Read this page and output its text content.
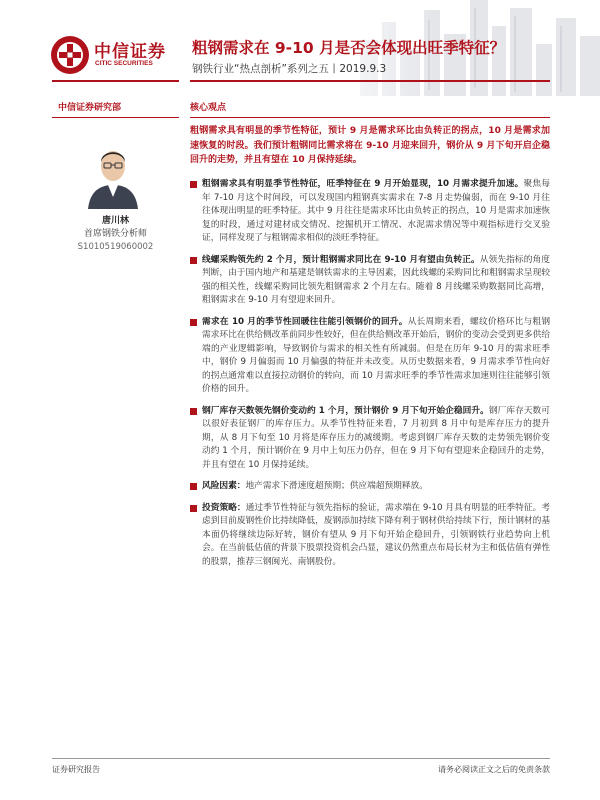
中信证券
CITIC SECURITIES
粗钢需求在 9-10 月是否会体现出旺季特征？
钢铁行业“热点剖析”系列之五丨2019.9.3
中信证券研究部	核心观点
唐川林
首席钢铁分析师
S1010519060002
粗钢需求具有明显的季节性特征，预计 9 月是需求环比由负转正的拐点，10 月是需求加速恢复的时段。我们预计粗钢同比需求将在 9-10 月迎来回升，钢价从 9 月下旬开启企稳回升的走势，并且有望在 10 月保持延续。
粗钢需求具有明显季节性特征，旺季特征在 9 月开始显现，10 月需求提升加速。聚焦每年 7-10 月这个时间段，可以发现国内粗钢真实需求在 7-8 月走势偏弱，而在 9-10 月往往体现出明显的旺季特征。其中 9 月往往是需求环比由负转正的拐点，10 月是需求加速恢复的时段，通过对建材成交情况、挖掘机开工情况、水泥需求情况等中观指标进行交叉验证，同样发现了与粗钢需求相似的淡旺季特征。
线螺采购领先约 2 个月，预计粗钢需求同比在 9-10 月有望由负转正。从领先指标的角度判断，由于国内地产和基建是钢铁需求的主导因素，因此线螺的采购同比和粗钢需求呈现较强的相关性，线螺采购同比领先粗钢需求 2 个月左右。随着 8 月线螺采购数据同比高增，粗钢需求在 9-10 月有望迎来回升。
需求在 10 月的季节性回暖往往能引领钢价的回升。从长周期来看，螺纹价格环比与粗钢需求环比在供给侧改革前同步性较好，但在供给侧改革开始后，钢价的变动会受到更多供给端的产业逻辑影响，导致钢价与需求的相关性有所减弱。但是在历年 9-10 月的需求旺季中，钢价 9 月偏弱而 10 月偏强的特征并未改变。从历史数据来看，9 月需求季节性向好的拐点通常难以直接拉动钢价的转向，而 10 月需求旺季的季节性需求加速则往往能够引领价格的回升。
钢厂库存天数领先钢价变动约 1 个月，预计钢价 9 月下旬开始企稳回升。钢厂库存天数可以很好表征钢厂的库存压力。从季节性特征来看，7 月初到 8 月中旬是库存压力的提升期，从 8 月下旬至 10 月将是库存压力的减缓期。考虑到钢厂库存天数的走势领先钢价变动约 1 个月，预计钢价在 9 月中上旬压力仍存，但在 9 月下旬有望迎来企稳回升的走势，并且有望在 10 月保持延续。
风险因素：地产需求下滑速度超预期；供应端超预期释放。
投资策略：通过季节性特征与领先指标的验证，需求端在 9-10 月具有明显的旺季特征。考虑到目前废钢性价比持续降低，废钢添加持续下降有利于钢材供给持续下行，预计钢材的基本面仍将继续边际好转，钢价有望从 9 月下旬开始企稳回升，引领钢铁行业趋势向上机会。在当前低估值的背景下股票投资机会凸显，建议仍然重点布局长材为主和低估值有弹性的股票，推荐三钢闽光、南钢股份。
证券研究报告	请务必阅读正文之后的免责条款
